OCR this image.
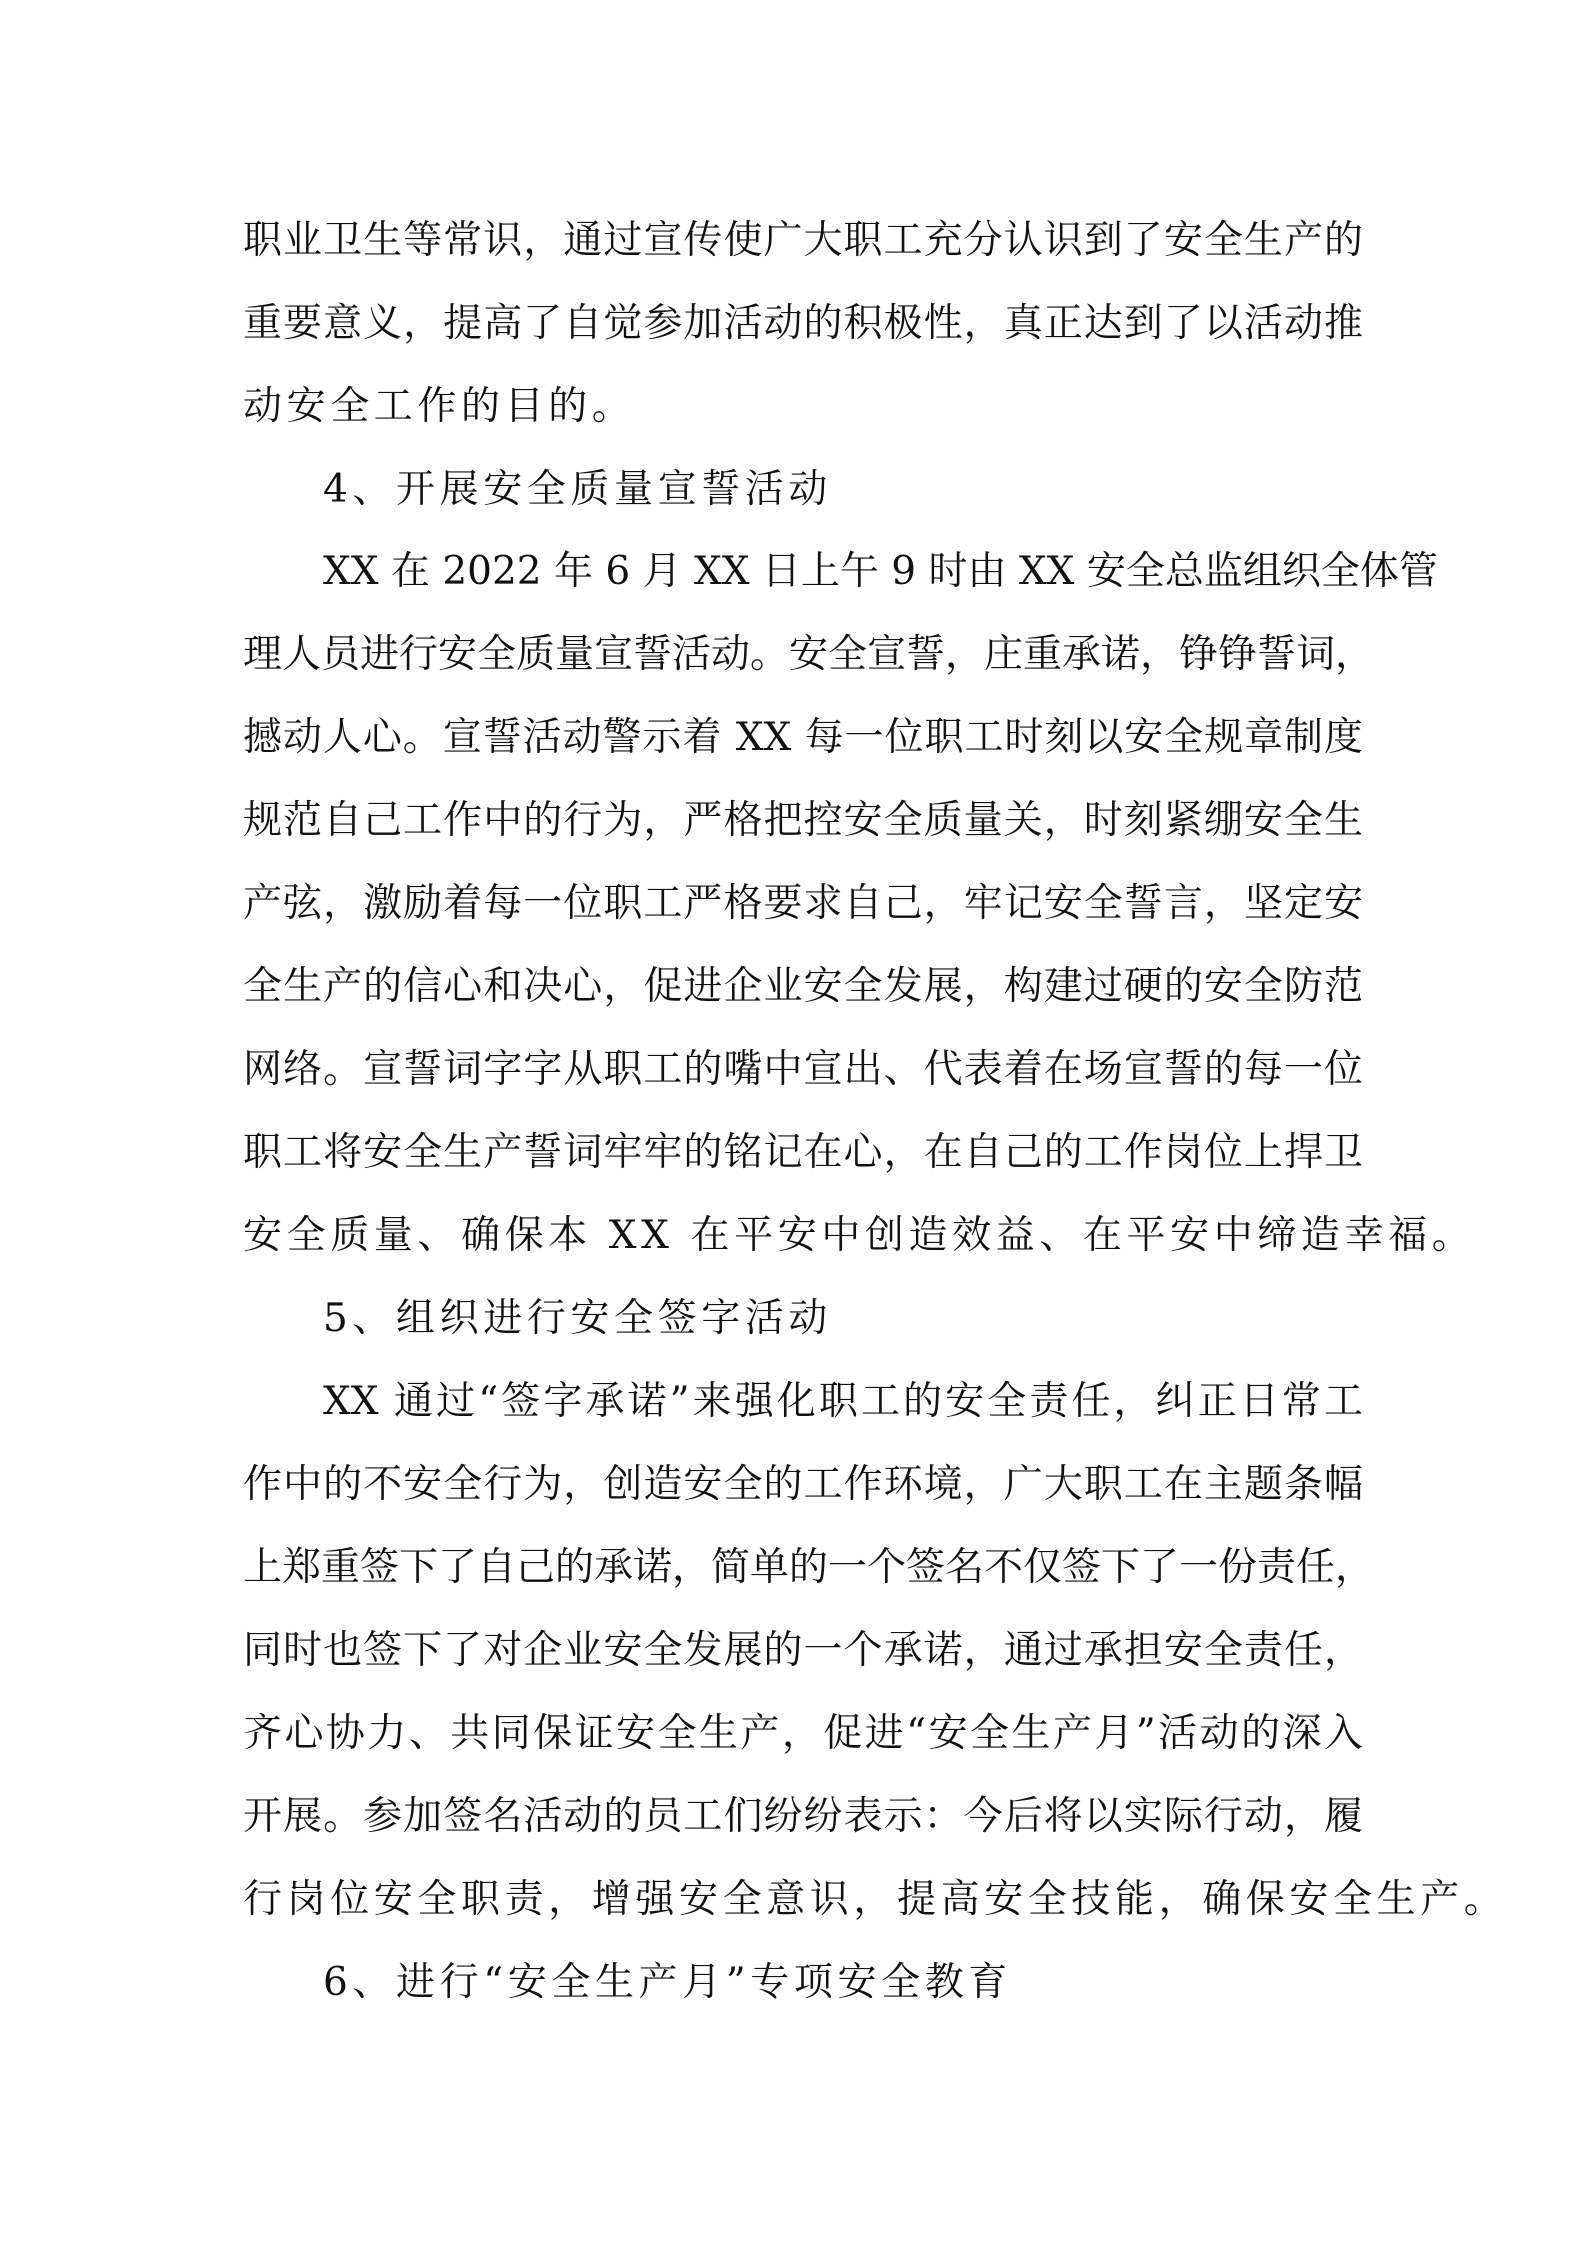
职业卫生等常识，通过宣传使广大职工充分认识到了安全生产的
重要意义，提高了自觉参加活动的积极性，真正达到了以活动推
动安全工作的目的。
4、开展安全质量宣誓活动
XX 在 2022 年 6 月 XX 日上午 9 时由 XX 安全总监组织全体管
理人员进行安全质量宣誓活动。安全宣誓，庄重承诺，铮铮誓词，
撼动人心。宣誓活动警示着 XX 每一位职工时刻以安全规章制度
规范自己工作中的行为，严格把控安全质量关，时刻紧绷安全生
产弦，激励着每一位职工严格要求自己，牢记安全誓言，坚定安
全生产的信心和决心，促进企业安全发展，构建过硬的安全防范
网络。宣誓词字字从职工的嘴中宣出、代表着在场宣誓的每一位
职工将安全生产誓词牢牢的铭记在心，在自己的工作岗位上捍卫
安全质量、确保本 XX 在平安中创造效益、在平安中缔造幸福。
5、组织进行安全签字活动
XX 通过“签字承诺”来强化职工的安全责任，纠正日常工
作中的不安全行为，创造安全的工作环境，广大职工在主题条幅
上郑重签下了自己的承诺，简单的一个签名不仅签下了一份责任，
同时也签下了对企业安全发展的一个承诺，通过承担安全责任，
齐心协力、共同保证安全生产，促进“安全生产月”活动的深入
开展。参加签名活动的员工们纷纷表示：今后将以实际行动，履
行岗位安全职责，增强安全意识，提高安全技能，确保安全生产。
6、进行“安全生产月”专项安全教育
